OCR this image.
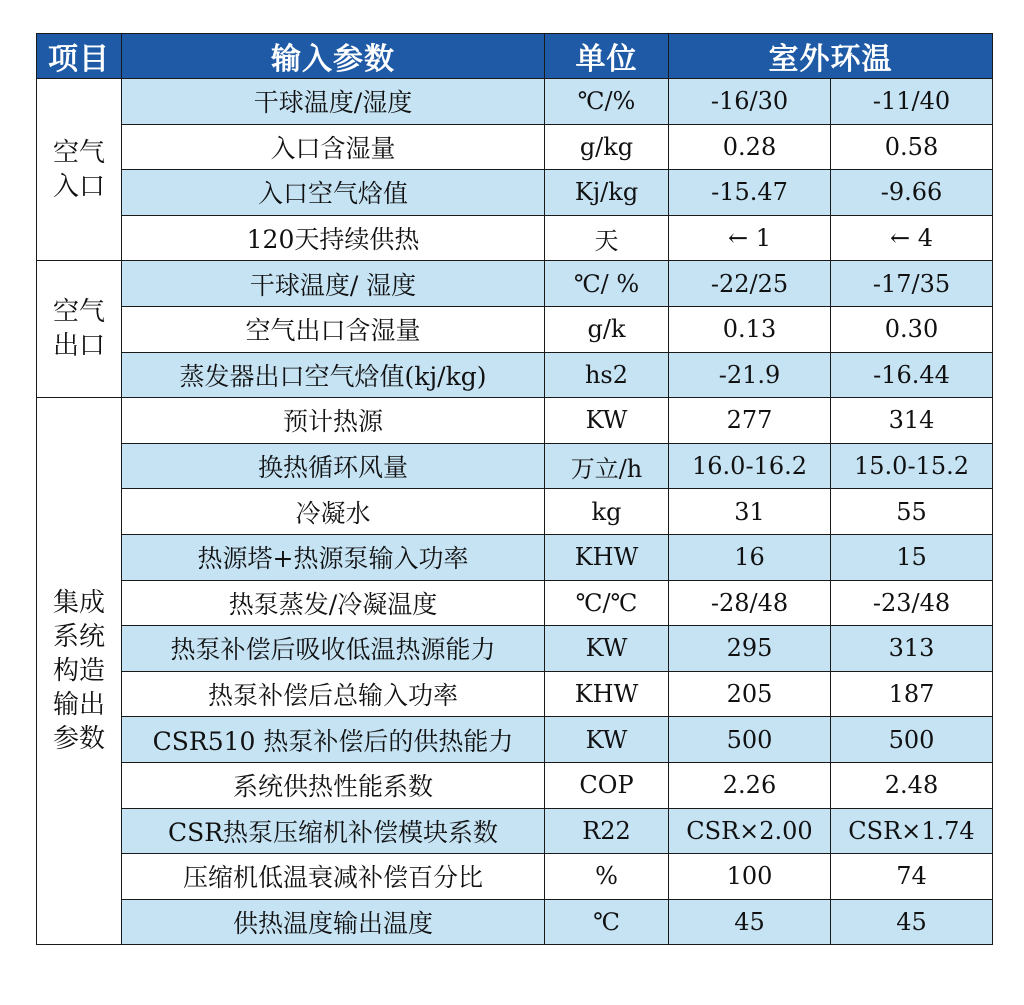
项目	输入参数	单位	室外环温	
空气入口	干球温度/湿度	℃/%	-16/30	-11/40
	入口含湿量	g/kg	0.28	0.58
	入口空气焓值	Kj/kg	-15.47	-9.66
	120天持续供热	天	← 1	← 4
空气出口	干球温度/ 湿度	℃/ %	-22/25	-17/35
	空气出口含湿量	g/k	0.13	0.30
	蒸发器出口空气焓值(kj/kg)	hs2	-21.9	-16.44
集成系统构造输出参数	预计热源	KW	277	314
	换热循环风量	万立/h	16.0-16.2	15.0-15.2
	冷凝水	kg	31	55
	热源塔+热源泵输入功率	KHW	16	15
	热泵蒸发/冷凝温度	℃/℃	-28/48	-23/48
	热泵补偿后吸收低温热源能力	KW	295	313
	热泵补偿后总输入功率	KHW	205	187
	CSR510 热泵补偿后的供热能力	KW	500	500
	系统供热性能系数	COP	2.26	2.48
	CSR热泵压缩机补偿模块系数	R22	CSR×2.00	CSR×1.74
	压缩机低温衰减补偿百分比	%	100	74
	供热温度输出温度	℃	45	45
